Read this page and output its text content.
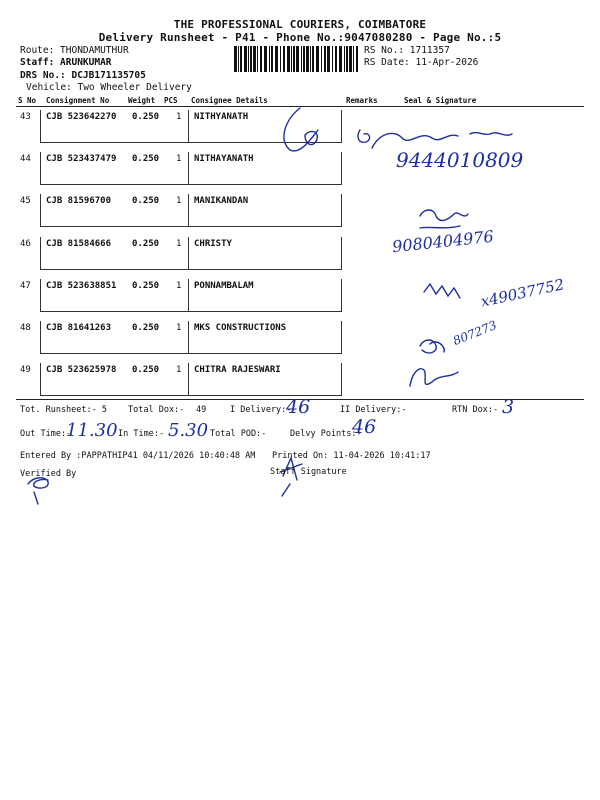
THE PROFESSIONAL COURIERS, COIMBATORE
Delivery Runsheet - P41 - Phone No.:9047080280 - Page No.:5
Route: THONDAMUTHUR
Staff: ARUNKUMAR
DRS No.: DCJB171135705
Vehicle: Two Wheeler Delivery
RS No.: 1711357
RS Date: 11-Apr-2026
S No Consignment No	Weight PCS Consignee Details	Remarks	Seal & Signature
43 CJB 523642270 0.250 1 NITHYANATH
44 CJB 523437479 0.250 1 NITHAYANATH
45 CJB 81596700 0.250 1 MANIKANDAN
46 CJB 81584666 0.250 1 CHRISTY
47 CJB 523638851 0.250 1 PONNAMBALAM
48 CJB 81641263 0.250 1 MKS CONSTRUCTIONS
49 CJB 523625978 0.250 1 CHITRA RAJESWARI
9444010809
9080404976
x49037752
807273
Tot. Runsheet:- 5 Total Dox:- 49	I Delivery:-
46	II Delivery:-	RTN Dox:- 3
Out Time:-
11.30 In Time:- 5.30 Total POD:-	Delvy Points:-
46
Entered By :PAPPATHIP41 04/11/2026 10:40:48 AM Printed On: 11-04-2026 10:41:17
Verified By	Staff Signature
